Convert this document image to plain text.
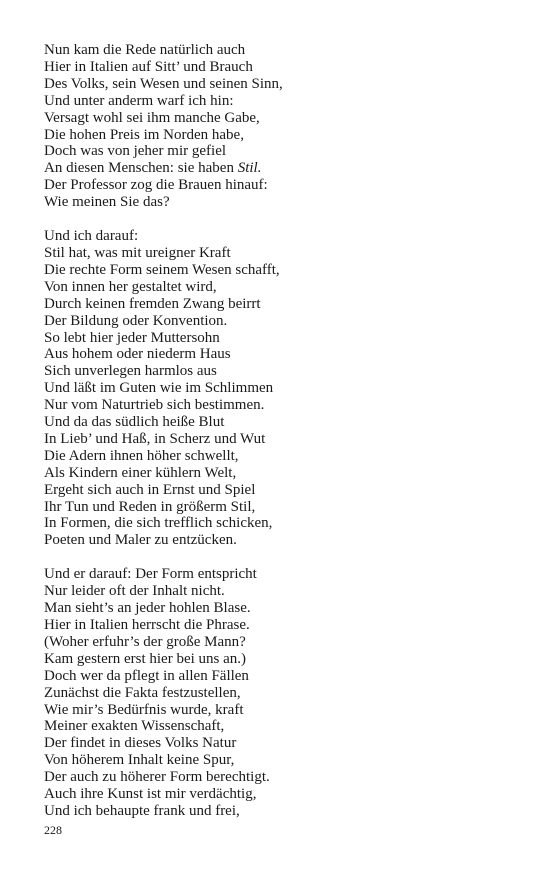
Nun kam die Rede natürlich auch
Hier in Italien auf Sitt’ und Brauch
Des Volks, sein Wesen und seinen Sinn,
Und unter anderm warf ich hin:
Versagt wohl sei ihm manche Gabe,
Die hohen Preis im Norden habe,
Doch was von jeher mir gefiel
An diesen Menschen: sie haben Stil.
Der Professor zog die Brauen hinauf:
Wie meinen Sie das?
Und ich darauf:
Stil hat, was mit ureigner Kraft
Die rechte Form seinem Wesen schafft,
Von innen her gestaltet wird,
Durch keinen fremden Zwang beirrt
Der Bildung oder Konvention.
So lebt hier jeder Muttersohn
Aus hohem oder niederm Haus
Sich unverlegen harmlos aus
Und läßt im Guten wie im Schlimmen
Nur vom Naturtrieb sich bestimmen.
Und da das südlich heiße Blut
In Lieb’ und Haß, in Scherz und Wut
Die Adern ihnen höher schwellt,
Als Kindern einer kühlern Welt,
Ergeht sich auch in Ernst und Spiel
Ihr Tun und Reden in größerm Stil,
In Formen, die sich trefflich schicken,
Poeten und Maler zu entzücken.
Und er darauf: Der Form entspricht
Nur leider oft der Inhalt nicht.
Man sieht’s an jeder hohlen Blase.
Hier in Italien herrscht die Phrase.
(Woher erfuhr’s der große Mann?
Kam gestern erst hier bei uns an.)
Doch wer da pflegt in allen Fällen
Zunächst die Fakta festzustellen,
Wie mir’s Bedürfnis wurde, kraft
Meiner exakten Wissenschaft,
Der findet in dieses Volks Natur
Von höherem Inhalt keine Spur,
Der auch zu höherer Form berechtigt.
Auch ihre Kunst ist mir verdächtig,
Und ich behaupte frank und frei,
228
